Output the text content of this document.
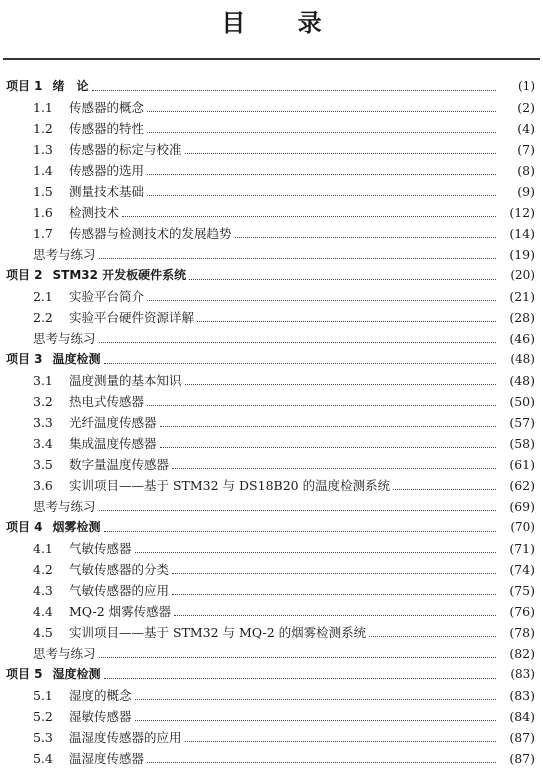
目 录
项目 1 绪　论	(1)
1.1	传感器的概念	(2)
1.2	传感器的特性	(4)
1.3	传感器的标定与校准	(7)
1.4	传感器的选用	(8)
1.5	测量技术基础	(9)
1.6	检测技术	(12)
1.7	传感器与检测技术的发展趋势	(14)
思考与练习	(19)
项目 2 STM32 开发板硬件系统	(20)
2.1	实验平台简介	(21)
2.2	实验平台硬件资源详解	(28)
思考与练习	(46)
项目 3 温度检测	(48)
3.1	温度测量的基本知识	(48)
3.2	热电式传感器	(50)
3.3	光纤温度传感器	(57)
3.4	集成温度传感器	(58)
3.5	数字量温度传感器	(61)
3.6	实训项目——基于 STM32 与 DS18B20 的温度检测系统	(62)
思考与练习	(69)
项目 4 烟雾检测	(70)
4.1	气敏传感器	(71)
4.2	气敏传感器的分类	(74)
4.3	气敏传感器的应用	(75)
4.4	MQ-2 烟雾传感器	(76)
4.5	实训项目——基于 STM32 与 MQ-2 的烟雾检测系统	(78)
思考与练习	(82)
项目 5 湿度检测	(83)
5.1	湿度的概念	(83)
5.2	湿敏传感器	(84)
5.3	温湿度传感器的应用	(87)
5.4	温湿度传感器	(87)
